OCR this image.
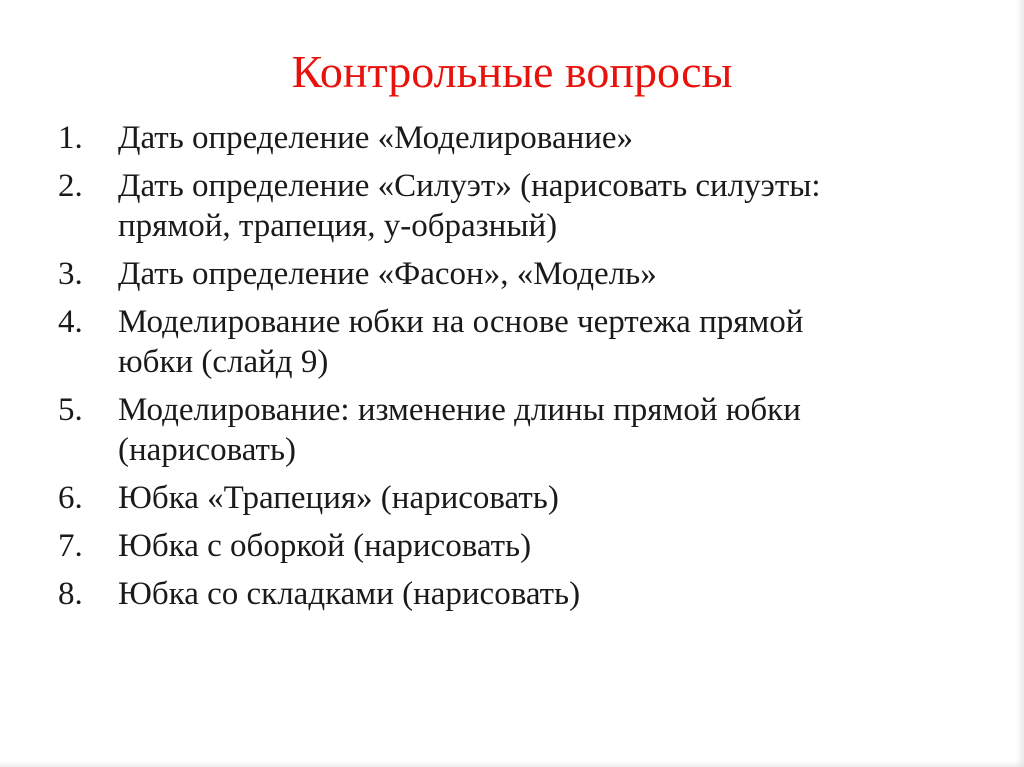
Контрольные вопросы
1.	Дать определение «Моделирование»
2.	Дать определение «Силуэт» (нарисовать силуэты: прямой, трапеция, у-образный)
3.	Дать определение «Фасон», «Модель»
4.	Моделирование юбки на основе чертежа прямой юбки (слайд 9)
5.	Моделирование: изменение длины прямой юбки (нарисовать)
6.	Юбка «Трапеция» (нарисовать)
7.	Юбка с оборкой (нарисовать)
8.	Юбка со складками (нарисовать)
